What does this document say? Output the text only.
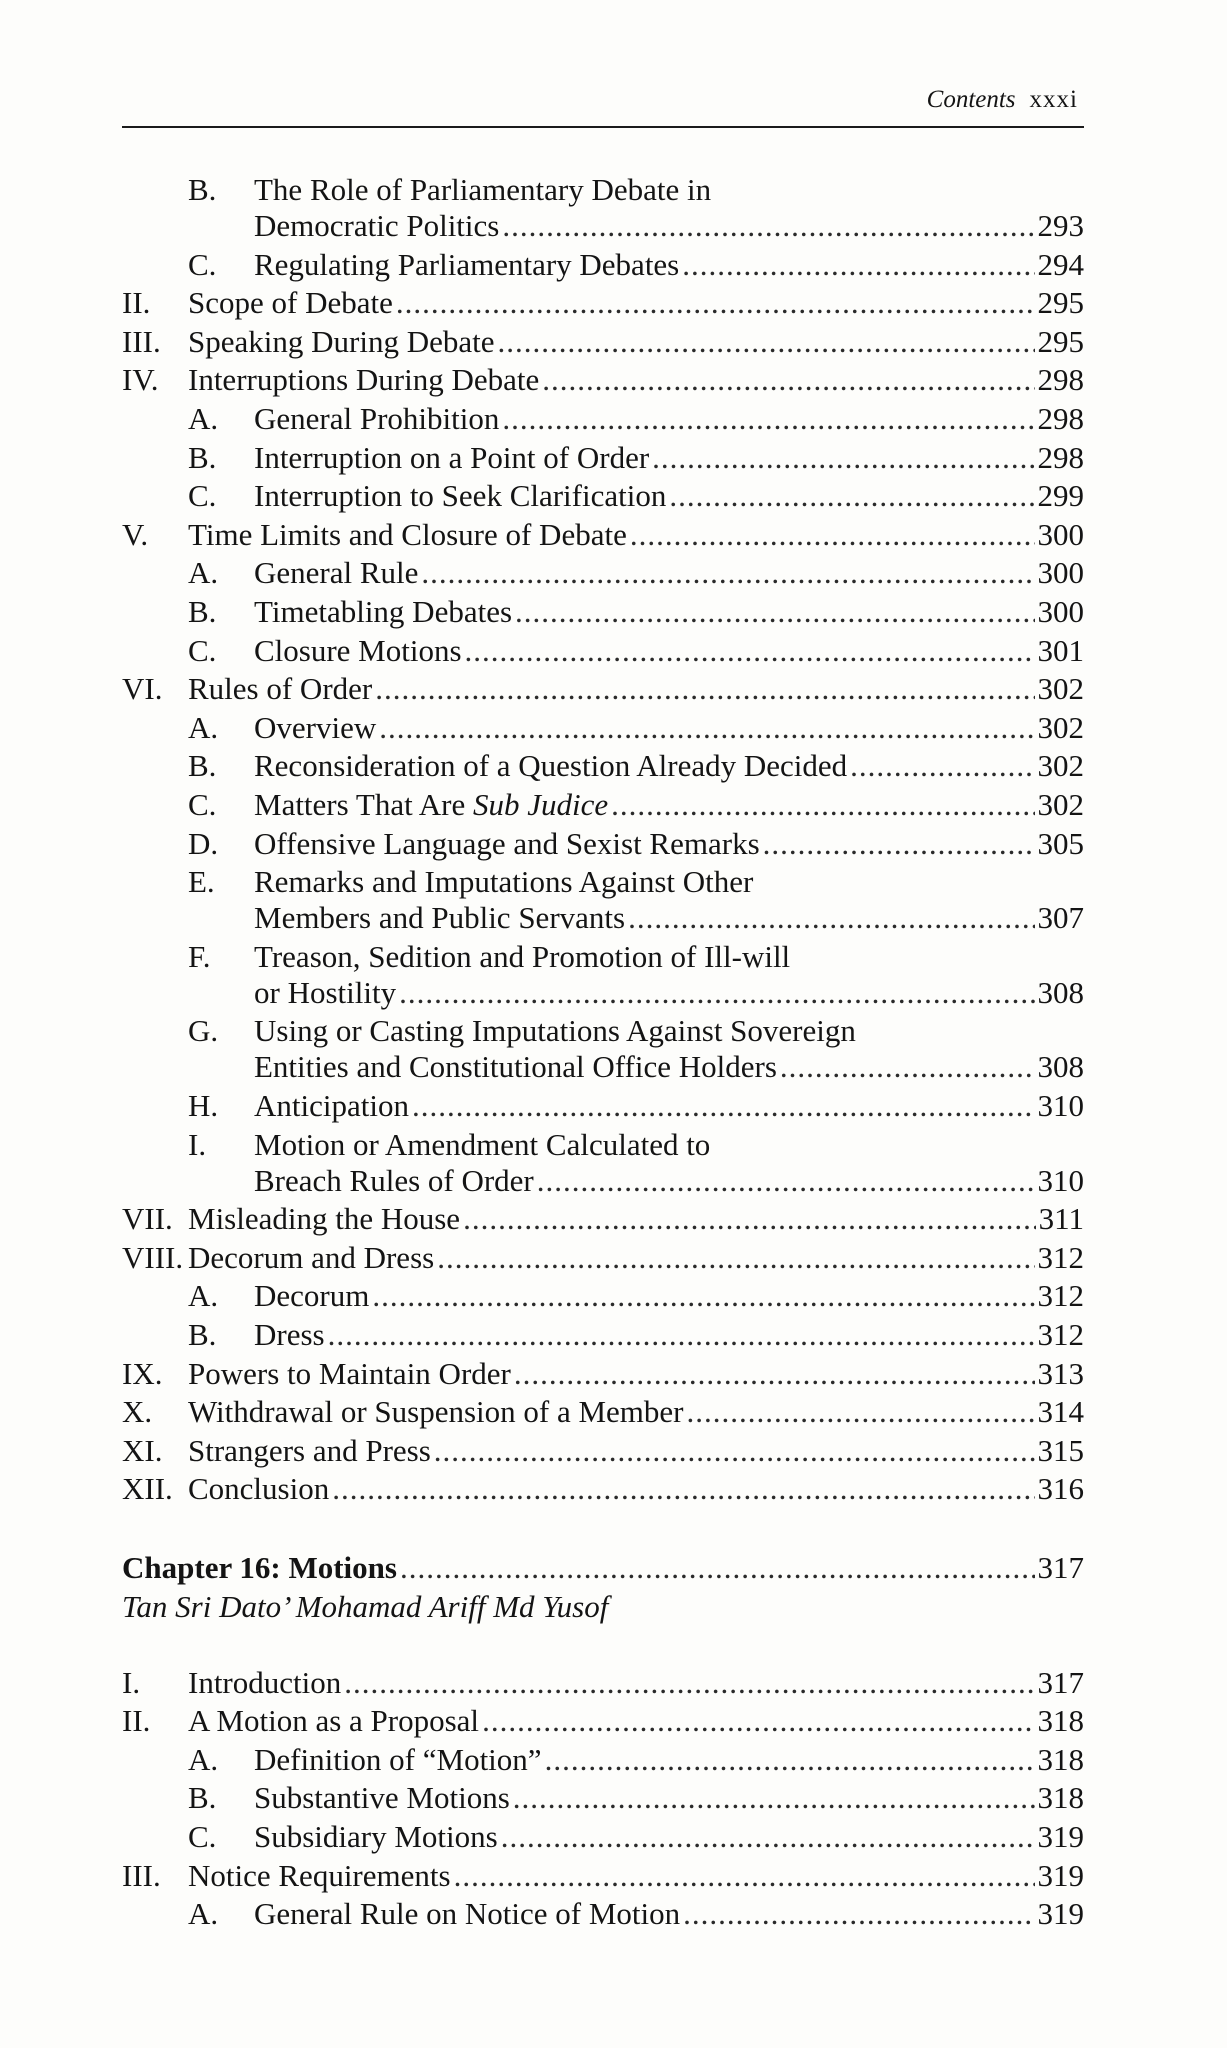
Contents xxxi
B. The Role of Parliamentary Debate in
Democratic Politics .....	293
C. Regulating Parliamentary Debates .....	294
II. Scope of Debate .....	295
III. Speaking During Debate .....	295
IV. Interruptions During Debate .....	298
A. General Prohibition .....	298
B. Interruption on a Point of Order .....	298
C. Interruption to Seek Clarification .....	299
V. Time Limits and Closure of Debate .....	300
A. General Rule .....	300
B. Timetabling Debates .....	300
C. Closure Motions .....	301
VI. Rules of Order .....	302
A. Overview .....	302
B. Reconsideration of a Question Already Decided .....	302
C. Matters That Are Sub Judice .....	302
D. Offensive Language and Sexist Remarks .....	305
E. Remarks and Imputations Against Other
Members and Public Servants .....	307
F. Treason, Sedition and Promotion of Ill-will
or Hostility .....	308
G. Using or Casting Imputations Against Sovereign
Entities and Constitutional Office Holders .....	308
H. Anticipation .....	310
I. Motion or Amendment Calculated to
Breach Rules of Order .....	310
VII. Misleading the House .....	311
VIII. Decorum and Dress .....	312
A. Decorum .....	312
B. Dress .....	312
IX. Powers to Maintain Order .....	313
X. Withdrawal or Suspension of a Member .....	314
XI. Strangers and Press .....	315
XII. Conclusion .....	316
Chapter 16: Motions .....	317
Tan Sri Dato’ Mohamad Ariff Md Yusof
I. Introduction .....	317
II. A Motion as a Proposal .....	318
A. Definition of “Motion” .....	318
B. Substantive Motions .....	318
C. Subsidiary Motions .....	319
III. Notice Requirements .....	319
A. General Rule on Notice of Motion .....	319
